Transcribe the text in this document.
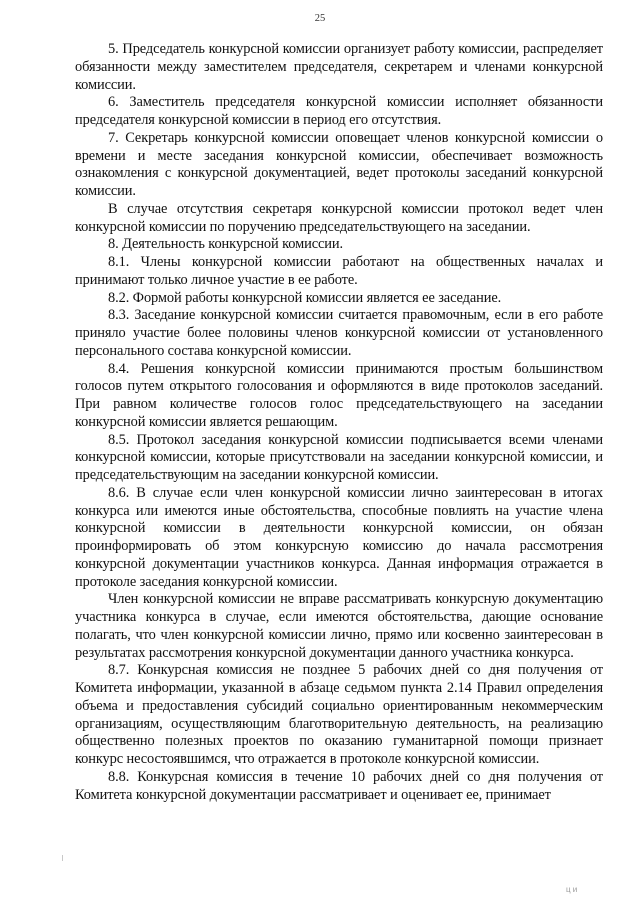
25

5. Председатель конкурсной комиссии организует работу комиссии, распределяет обязанности между заместителем председателя, секретарем и членами конкурсной комиссии.

6. Заместитель председателя конкурсной комиссии исполняет обязанности председателя конкурсной комиссии в период его отсутствия.

7. Секретарь конкурсной комиссии оповещает членов конкурсной комиссии о времени и месте заседания конкурсной комиссии, обеспечивает возможность ознакомления с конкурсной документацией, ведет протоколы заседаний конкурсной комиссии.

В случае отсутствия секретаря конкурсной комиссии протокол ведет член конкурсной комиссии по поручению председательствующего на заседании.

8. Деятельность конкурсной комиссии.

8.1. Члены конкурсной комиссии работают на общественных началах и принимают только личное участие в ее работе.

8.2. Формой работы конкурсной комиссии является ее заседание.

8.3. Заседание конкурсной комиссии считается правомочным, если в его работе приняло участие более половины членов конкурсной комиссии от установленного персонального состава конкурсной комиссии.

8.4. Решения конкурсной комиссии принимаются простым большинством голосов путем открытого голосования и оформляются в виде протоколов заседаний. При равном количестве голосов голос председательствующего на заседании конкурсной комиссии является решающим.

8.5. Протокол заседания конкурсной комиссии подписывается всеми членами конкурсной комиссии, которые присутствовали на заседании конкурсной комиссии, и председательствующим на заседании конкурсной комиссии.

8.6. В случае если член конкурсной комиссии лично заинтересован в итогах конкурса или имеются иные обстоятельства, способные повлиять на участие члена конкурсной комиссии в деятельности конкурсной комиссии, он обязан проинформировать об этом конкурсную комиссию до начала рассмотрения конкурсной документации участников конкурса. Данная информация отражается в протоколе заседания конкурсной комиссии.

Член конкурсной комиссии не вправе рассматривать конкурсную документацию участника конкурса в случае, если имеются обстоятельства, дающие основание полагать, что член конкурсной комиссии лично, прямо или косвенно заинтересован в результатах рассмотрения конкурсной документации данного участника конкурса.

8.7. Конкурсная комиссия не позднее 5 рабочих дней со дня получения от Комитета информации, указанной в абзаце седьмом пункта 2.14 Правил определения объема и предоставления субсидий социально ориентированным некоммерческим организациям, осуществляющим благотворительную деятельность, на реализацию общественно полезных проектов по оказанию гуманитарной помощи признает конкурс несостоявшимся, что отражается в протоколе конкурсной комиссии.

8.8. Конкурсная комиссия в течение 10 рабочих дней со дня получения от Комитета конкурсной документации рассматривает и оценивает ее, принимает

ц и
